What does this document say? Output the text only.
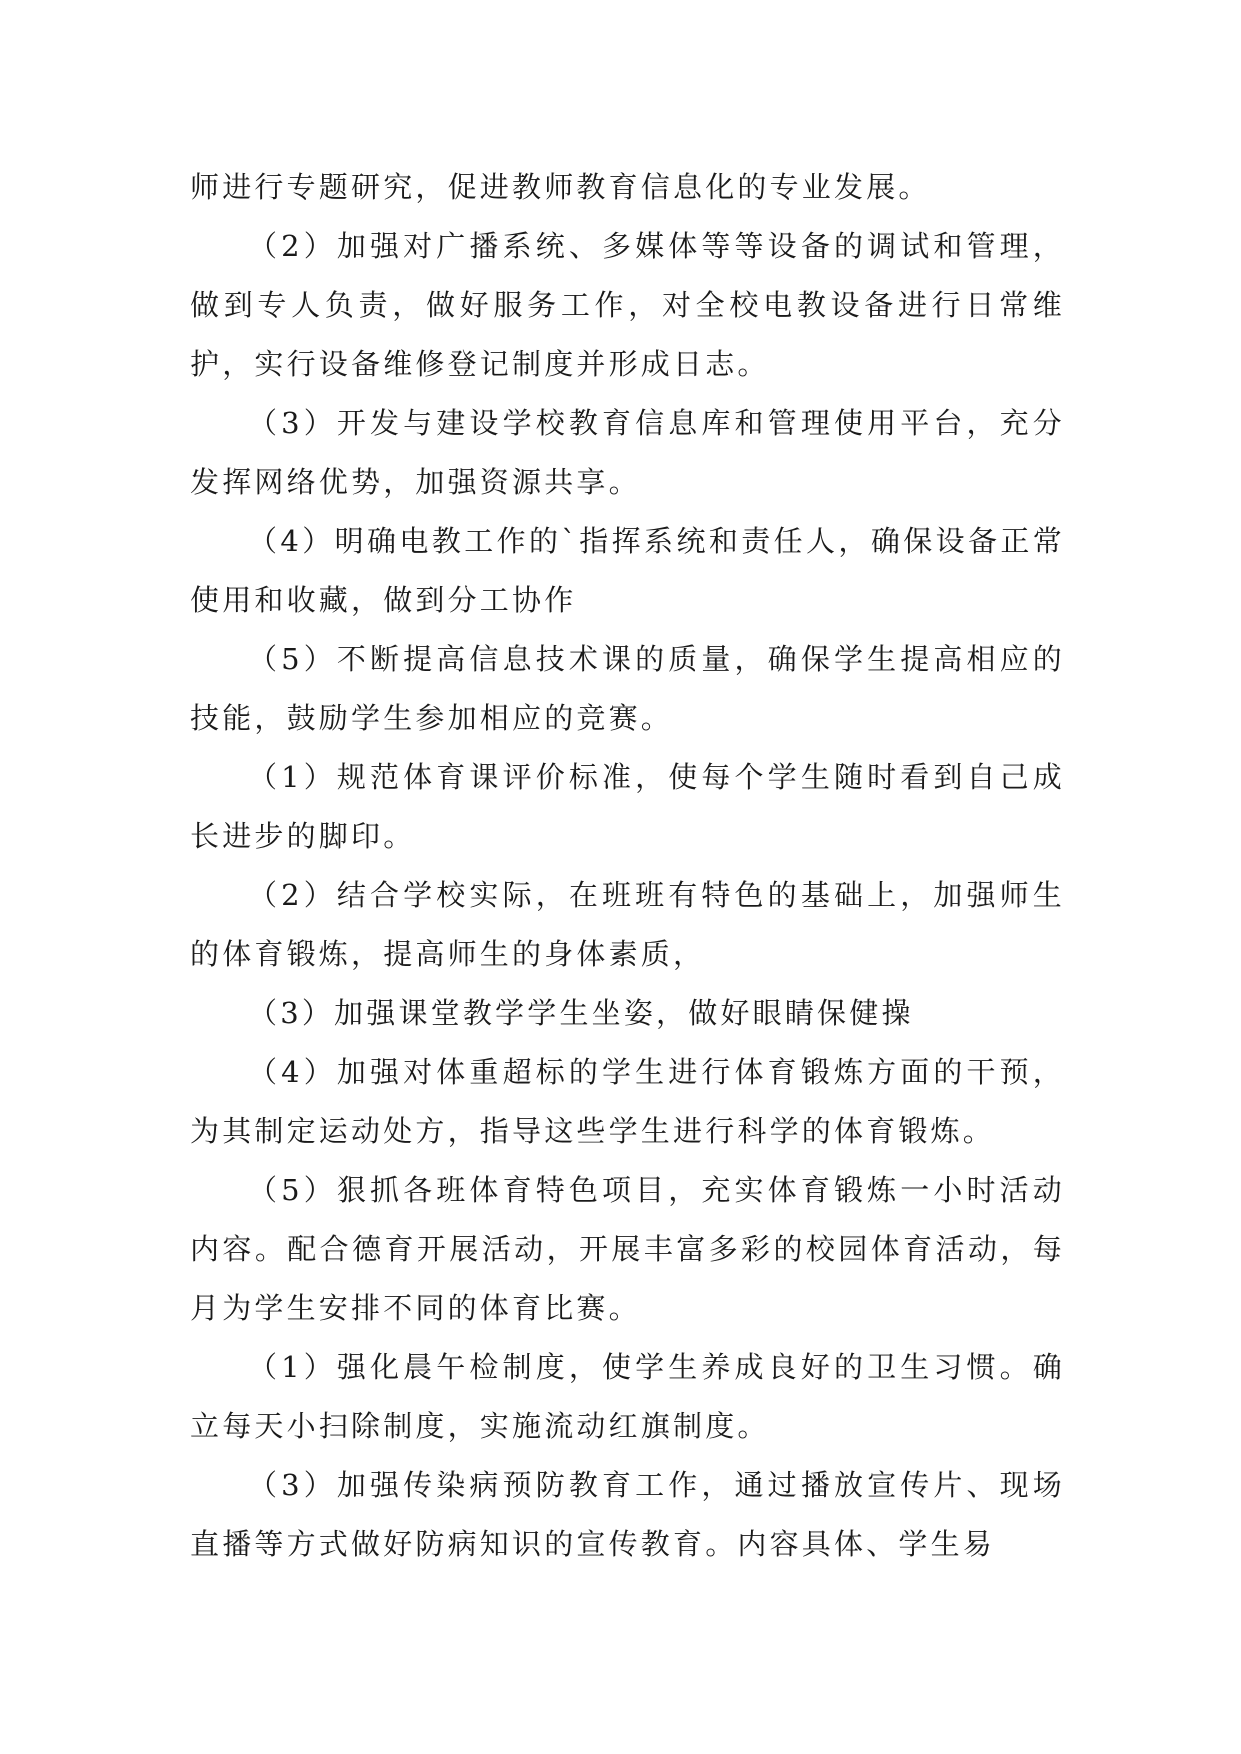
师进行专题研究，促进教师教育信息化的专业发展。

（2）加强对广播系统、多媒体等等设备的调试和管理，做到专人负责，做好服务工作，对全校电教设备进行日常维护，实行设备维修登记制度并形成日志。

（3）开发与建设学校教育信息库和管理使用平台，充分发挥网络优势，加强资源共享。

（4）明确电教工作的`指挥系统和责任人，确保设备正常使用和收藏，做到分工协作

（5）不断提高信息技术课的质量，确保学生提高相应的技能，鼓励学生参加相应的竞赛。

（1）规范体育课评价标准，使每个学生随时看到自己成长进步的脚印。

（2）结合学校实际，在班班有特色的基础上，加强师生的体育锻炼，提高师生的身体素质，

（3）加强课堂教学学生坐姿，做好眼睛保健操

（4）加强对体重超标的学生进行体育锻炼方面的干预，为其制定运动处方，指导这些学生进行科学的体育锻炼。

（5）狠抓各班体育特色项目，充实体育锻炼一小时活动内容。配合德育开展活动，开展丰富多彩的校园体育活动，每月为学生安排不同的体育比赛。

（1）强化晨午检制度，使学生养成良好的卫生习惯。确立每天小扫除制度，实施流动红旗制度。

（3）加强传染病预防教育工作，通过播放宣传片、现场直播等方式做好防病知识的宣传教育。内容具体、学生易
